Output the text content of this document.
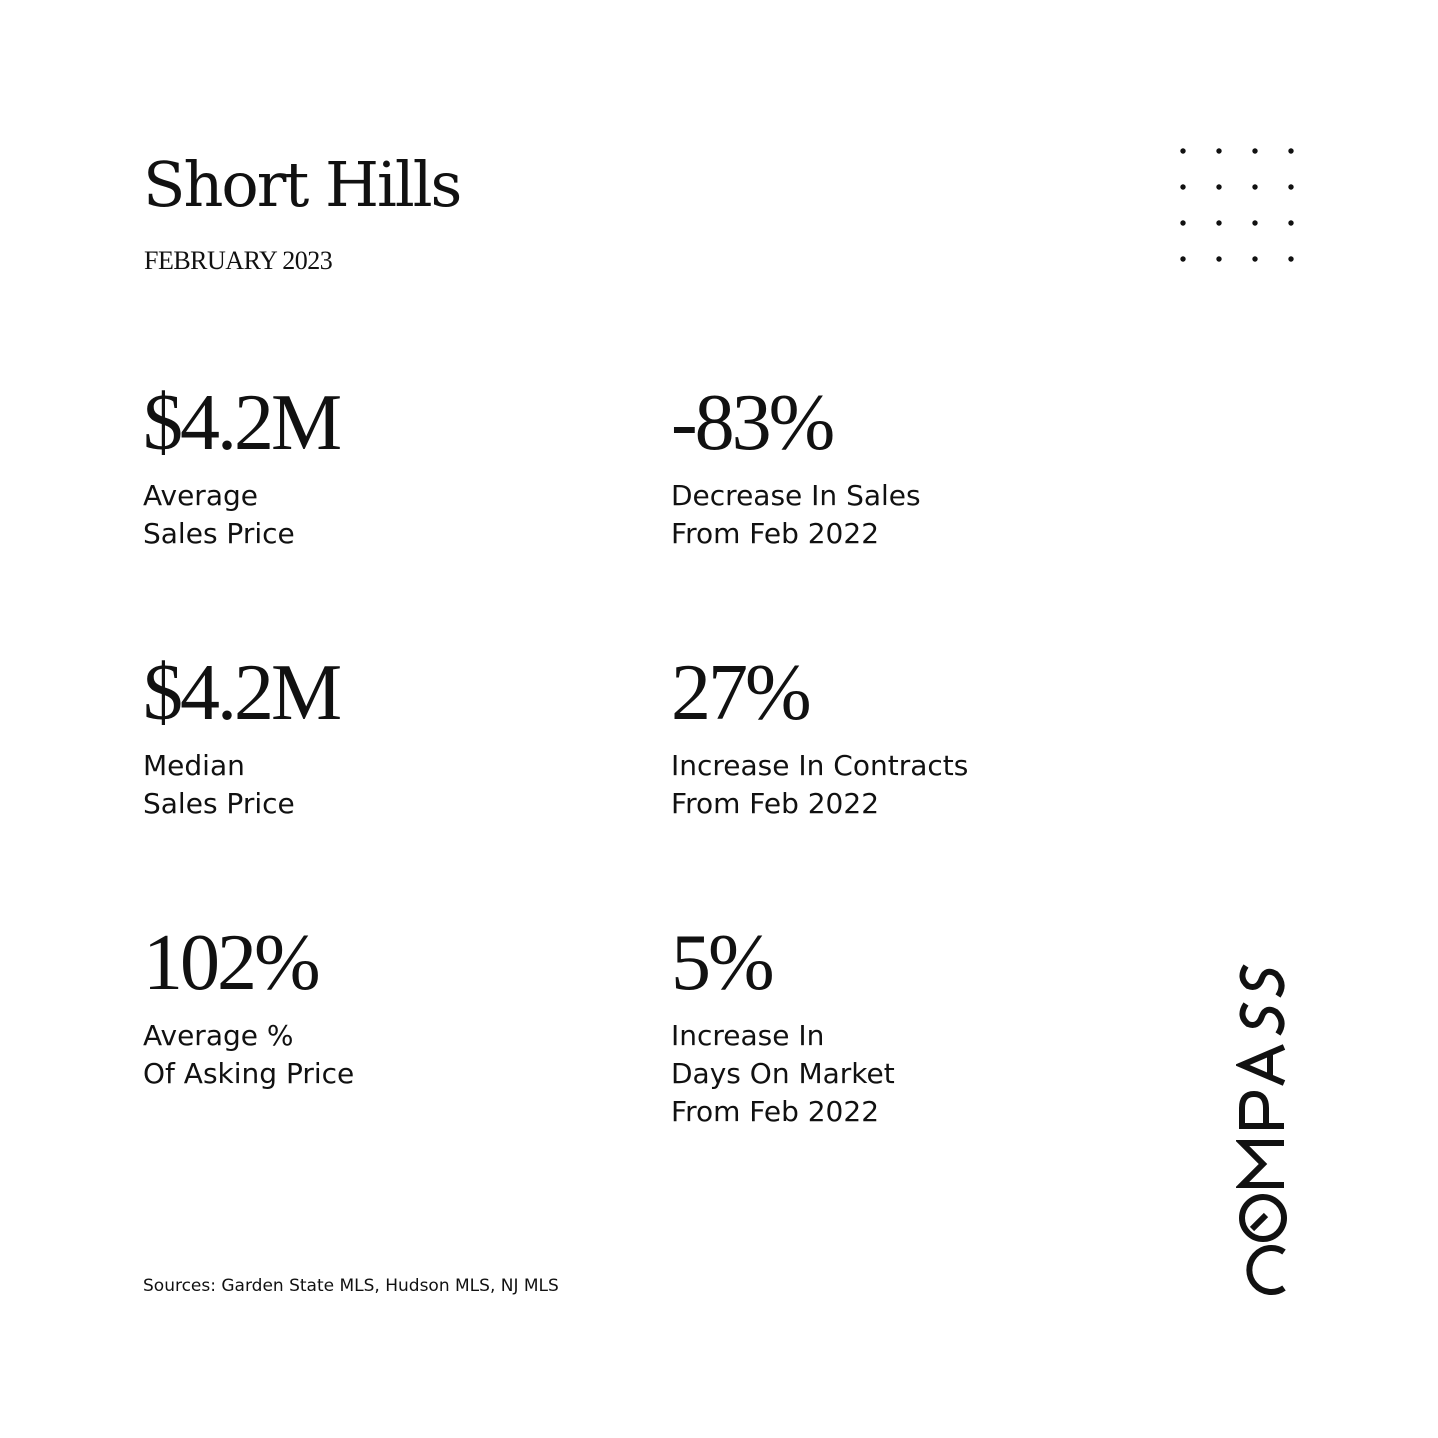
Short Hills
FEBRUARY 2023
$4.2M
Average
Sales Price
-83%
Decrease In Sales
From Feb 2022
$4.2M
Median
Sales Price
27%
Increase In Contracts
From Feb 2022
102%
Average %
Of Asking Price
5%
Increase In
Days On Market
From Feb 2022
Sources: Garden State MLS, Hudson MLS, NJ MLS
